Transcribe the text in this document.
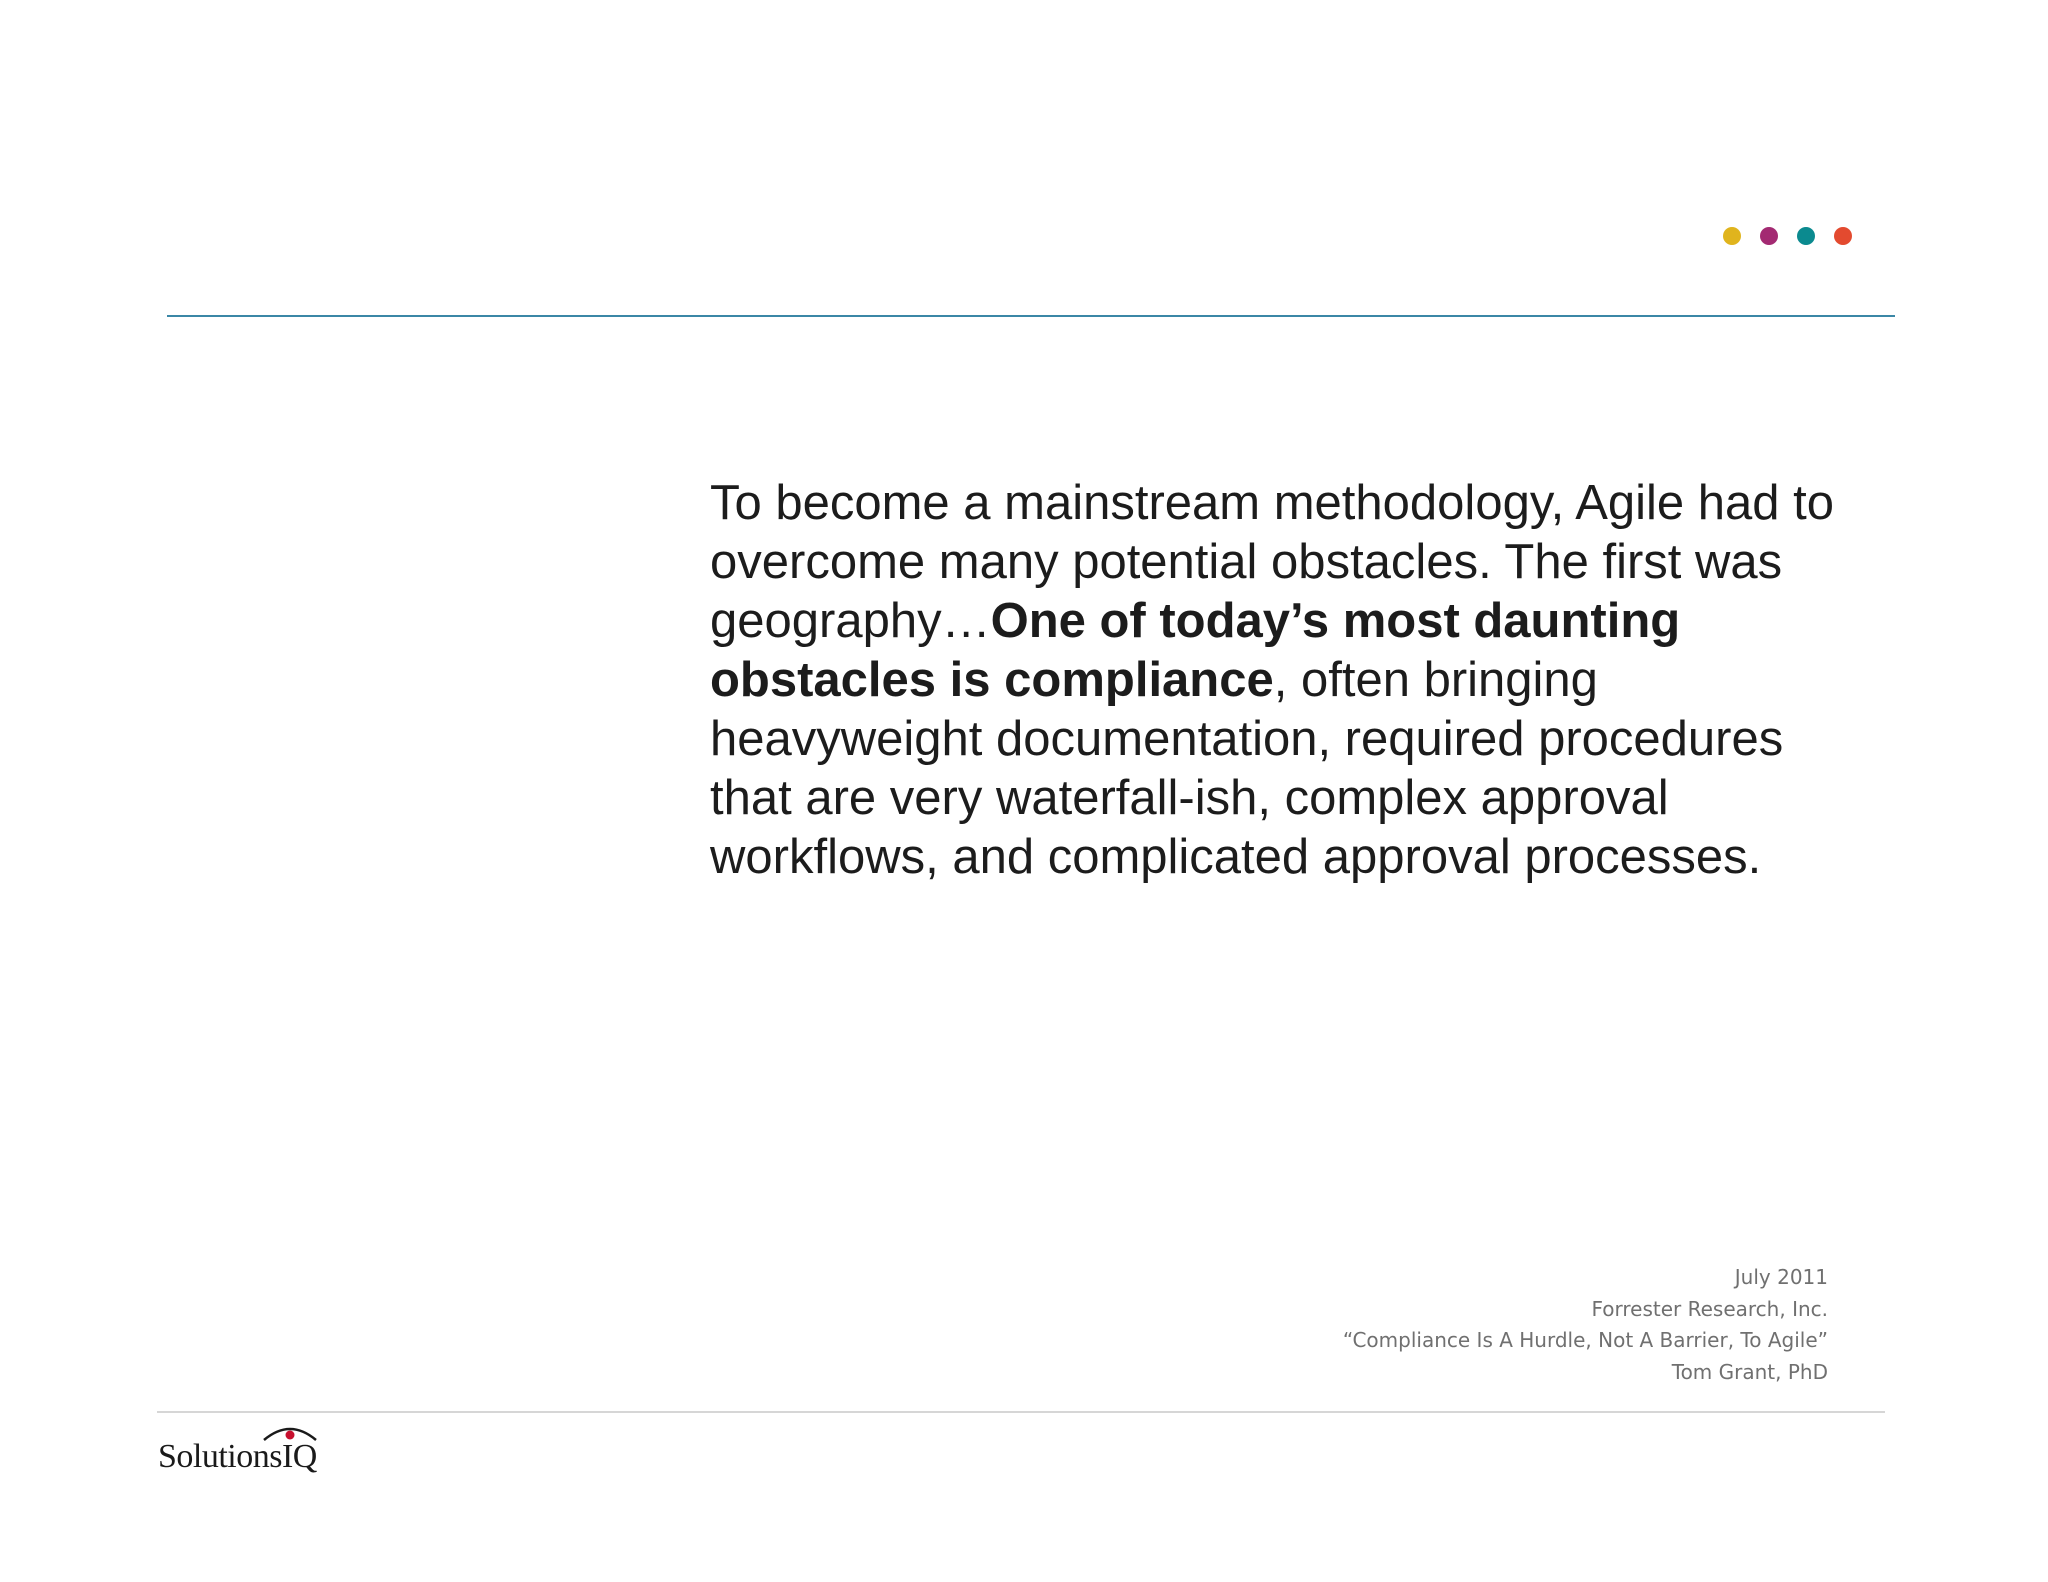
To become a mainstream methodology, Agile had to overcome many potential obstacles. The first was geography…One of today’s most daunting obstacles is compliance, often bringing heavyweight documentation, required procedures that are very waterfall-ish, complex approval workflows, and complicated approval processes.

July 2011
Forrester Research, Inc.
“Compliance Is A Hurdle, Not A Barrier, To Agile”
Tom Grant, PhD
SolutionsIQ
